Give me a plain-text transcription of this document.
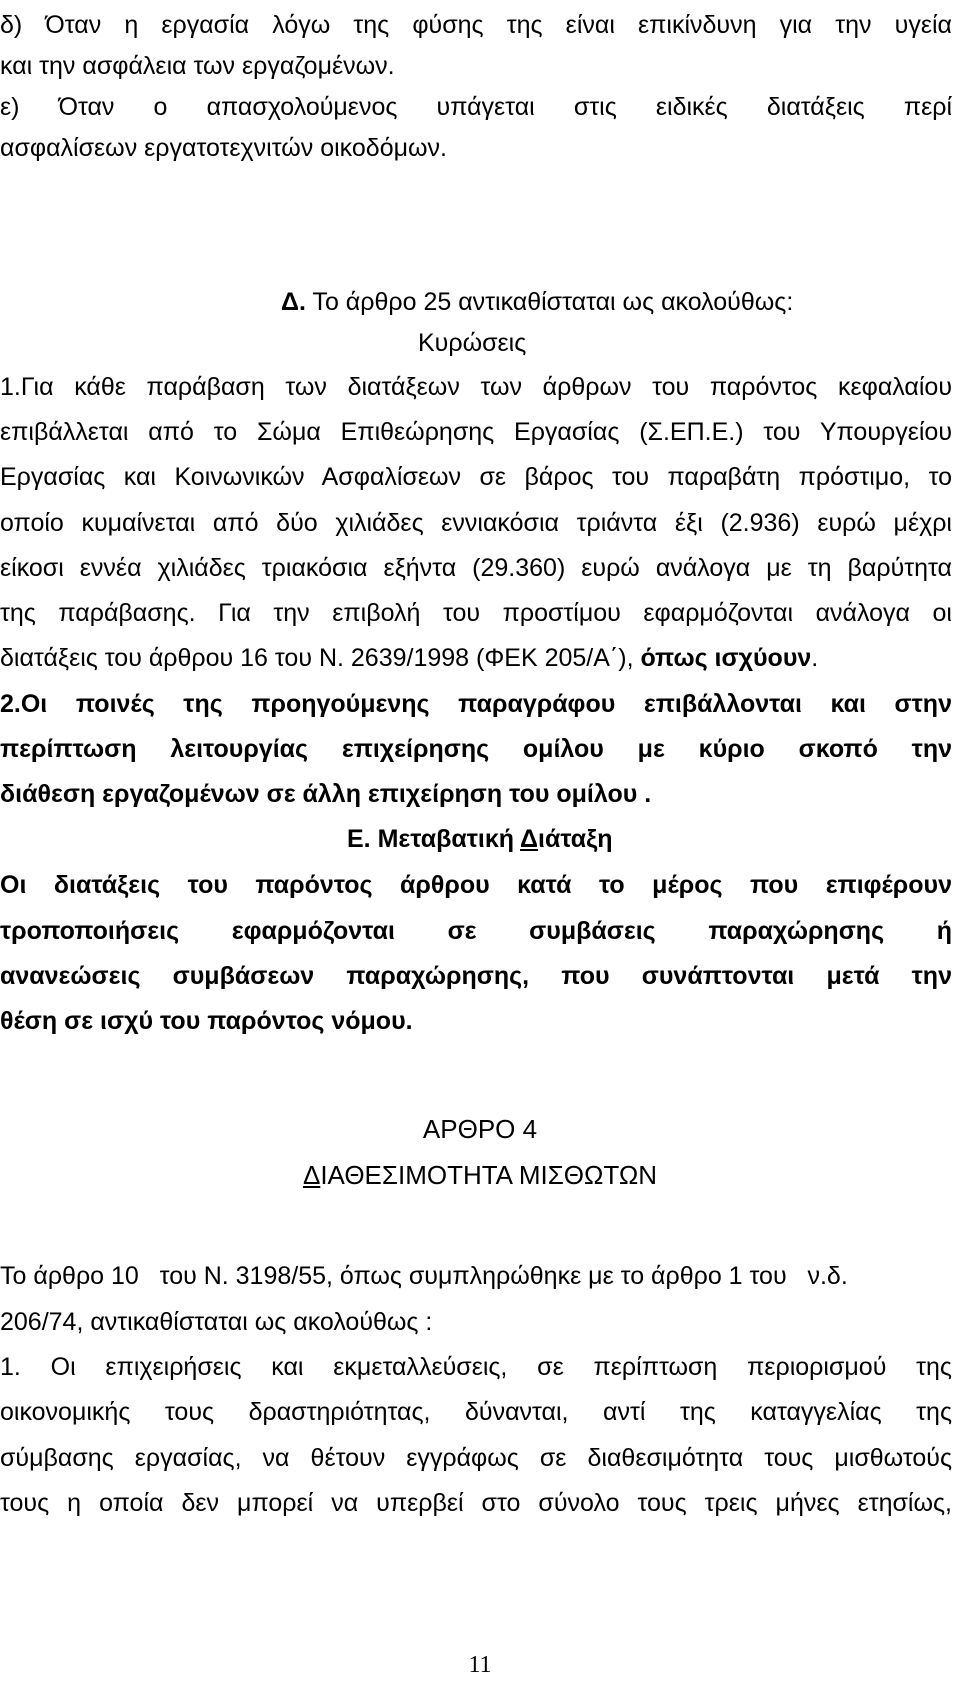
δ) Όταν η εργασία λόγω της φύσης της είναι επικίνδυνη για την υγεία
και την ασφάλεια των εργαζομένων.
ε) Όταν ο απασχολούμενος υπάγεται στις ειδικές διατάξεις περί
ασφαλίσεων εργατοτεχνιτών οικοδόμων.
Δ. Το άρθρο 25 αντικαθίσταται ως ακολούθως:
Κυρώσεις
1.Για κάθε παράβαση των διατάξεων των άρθρων του παρόντος κεφαλαίου
επιβάλλεται από το Σώμα Επιθεώρησης Εργασίας (Σ.ΕΠ.Ε.) του Υπουργείου
Εργασίας και Κοινωνικών Ασφαλίσεων σε βάρος του παραβάτη πρόστιμο, το
οποίο κυμαίνεται από δύο χιλιάδες εννιακόσια τριάντα έξι (2.936) ευρώ μέχρι
είκοσι εννέα χιλιάδες τριακόσια εξήντα (29.360) ευρώ ανάλογα με τη βαρύτητα
της παράβασης. Για την επιβολή του προστίμου εφαρμόζονται ανάλογα οι
διατάξεις του άρθρου 16 του Ν. 2639/1998 (ΦΕΚ 205/Α΄), όπως ισχύουν.
2.Οι ποινές της προηγούμενης παραγράφου επιβάλλονται και στην
περίπτωση λειτουργίας επιχείρησης ομίλου με κύριο σκοπό την
διάθεση εργαζομένων σε άλλη επιχείρηση του ομίλου .
Ε. Μεταβατική Διάταξη
Οι διατάξεις του παρόντος άρθρου κατά το μέρος που επιφέρουν
τροποποιήσεις εφαρμόζονται σε συμβάσεις παραχώρησης ή
ανανεώσεις συμβάσεων παραχώρησης, που συνάπτονται μετά την
θέση σε ισχύ του παρόντος νόμου.
ΑΡΘΡΟ 4
ΔΙΑΘΕΣΙΜΟΤΗΤΑ ΜΙΣΘΩΤΩΝ
Το άρθρο 10   του Ν. 3198/55, όπως συμπληρώθηκε με το άρθρο 1 του   ν.δ.
206/74, αντικαθίσταται ως ακολούθως :
1. Οι επιχειρήσεις και εκμεταλλεύσεις, σε περίπτωση περιορισμού της
οικονομικής τους δραστηριότητας, δύνανται, αντί της καταγγελίας της
σύμβασης εργασίας, να θέτουν εγγράφως σε διαθεσιμότητα τους μισθωτούς
τους η οποία δεν μπορεί να υπερβεί στο σύνολο τους τρεις μήνες ετησίως,
11
